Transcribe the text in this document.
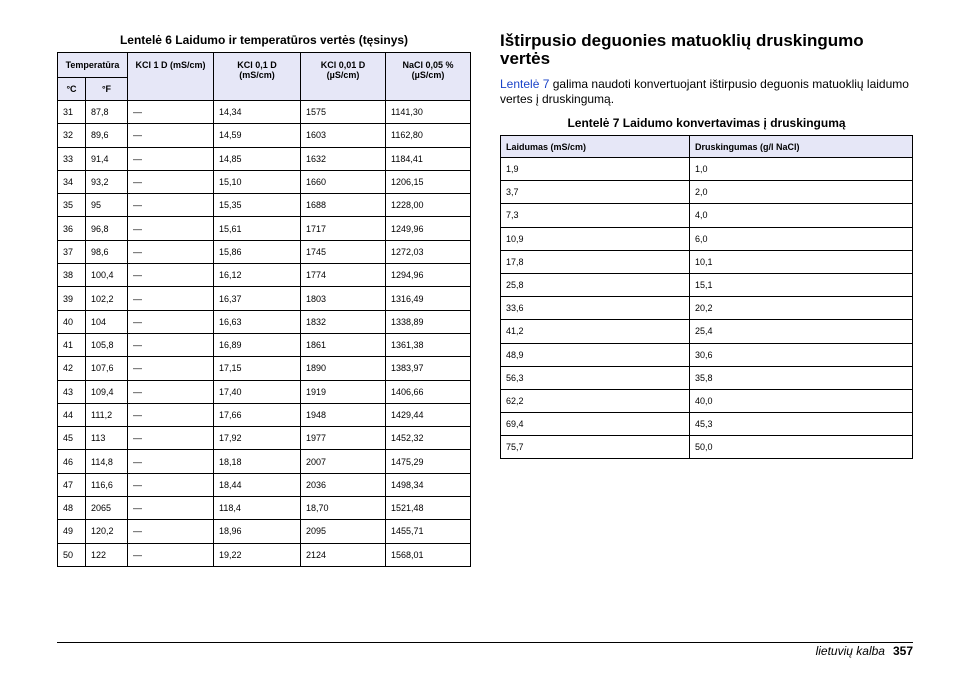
Lentelė 6 Laidumo ir temperatūros vertės (tęsinys)
Temperatūra		KCl 1 D (mS/cm)	KCl 0,1 D (mS/cm)	KCl 0,01 D (µS/cm)	NaCl 0,05 % (µS/cm)
°C	°F				
31	87,8	—	14,34	1575	1141,30
32	89,6	—	14,59	1603	1162,80
33	91,4	—	14,85	1632	1184,41
34	93,2	—	15,10	1660	1206,15
35	95	—	15,35	1688	1228,00
36	96,8	—	15,61	1717	1249,96
37	98,6	—	15,86	1745	1272,03
38	100,4	—	16,12	1774	1294,96
39	102,2	—	16,37	1803	1316,49
40	104	—	16,63	1832	1338,89
41	105,8	—	16,89	1861	1361,38
42	107,6	—	17,15	1890	1383,97
43	109,4	—	17,40	1919	1406,66
44	111,2	—	17,66	1948	1429,44
45	113	—	17,92	1977	1452,32
46	114,8	—	18,18	2007	1475,29
47	116,6	—	18,44	2036	1498,34
48	2065	—	118,4	18,70	1521,48
49	120,2	—	18,96	2095	1455,71
50	122	—	19,22	2124	1568,01
Ištirpusio deguonies matuoklių druskingumo vertės
Lentelė 7 galima naudoti konvertuojant ištirpusio deguonis matuoklių laidumo vertes į druskingumą.
Lentelė 7 Laidumo konvertavimas į druskingumą
Laidumas (mS/cm)	Druskingumas (g/l NaCl)
1,9	1,0
3,7	2,0
7,3	4,0
10,9	6,0
17,8	10,1
25,8	15,1
33,6	20,2
41,2	25,4
48,9	30,6
56,3	35,8
62,2	40,0
69,4	45,3
75,7	50,0
lietuvių kalba 357
